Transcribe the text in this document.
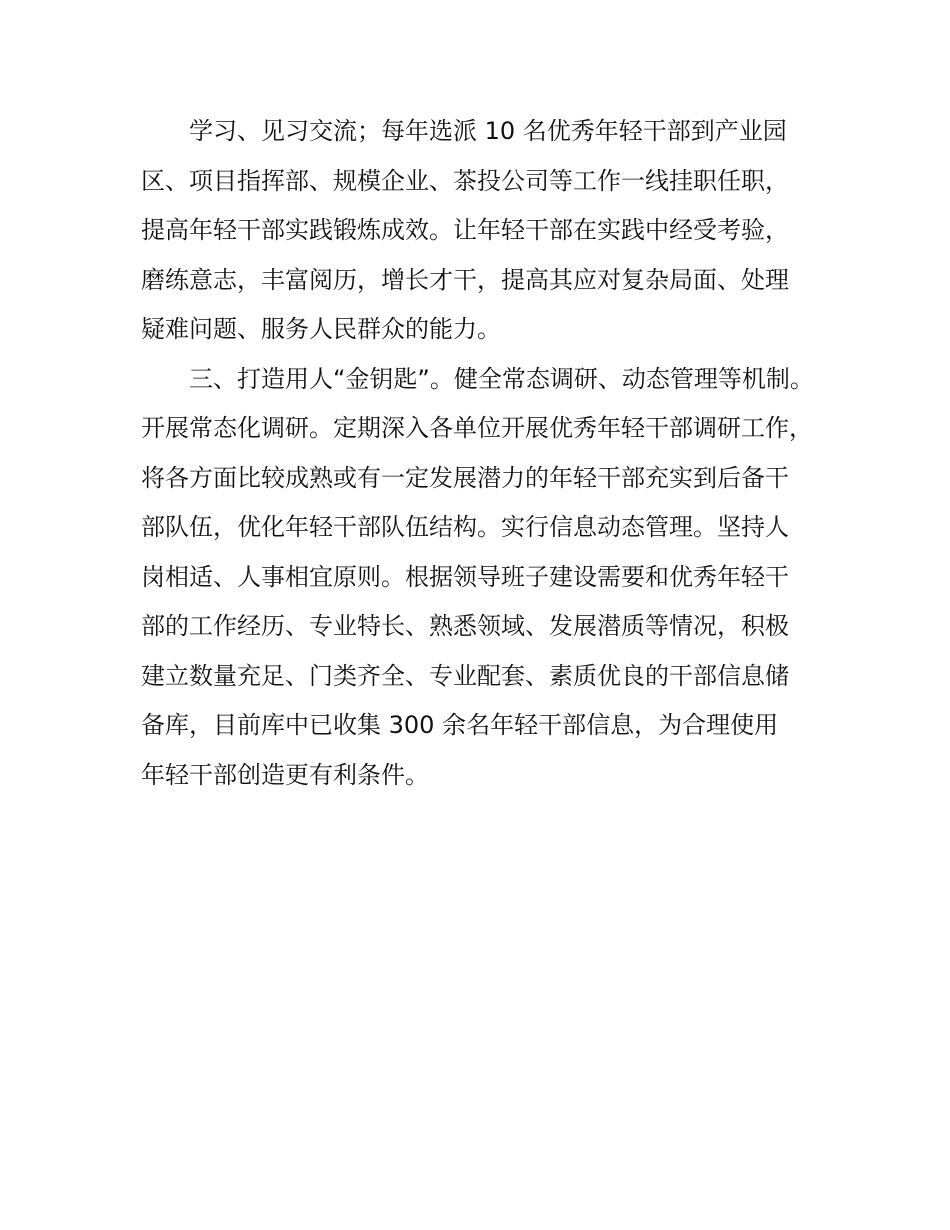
学习、见习交流；每年选派 10 名优秀年轻干部到产业园
区、项目指挥部、规模企业、茶投公司等工作一线挂职任职，
提高年轻干部实践锻炼成效。让年轻干部在实践中经受考验，
磨练意志，丰富阅历，增长才干，提高其应对复杂局面、处理
疑难问题、服务人民群众的能力。
三、打造用人“金钥匙”。健全常态调研、动态管理等机制。
开展常态化调研。定期深入各单位开展优秀年轻干部调研工作，
将各方面比较成熟或有一定发展潜力的年轻干部充实到后备干
部队伍，优化年轻干部队伍结构。实行信息动态管理。坚持人
岗相适、人事相宜原则。根据领导班子建设需要和优秀年轻干
部的工作经历、专业特长、熟悉领域、发展潜质等情况，积极
建立数量充足、门类齐全、专业配套、素质优良的干部信息储
备库，目前库中已收集 300 余名年轻干部信息，为合理使用
年轻干部创造更有利条件。
